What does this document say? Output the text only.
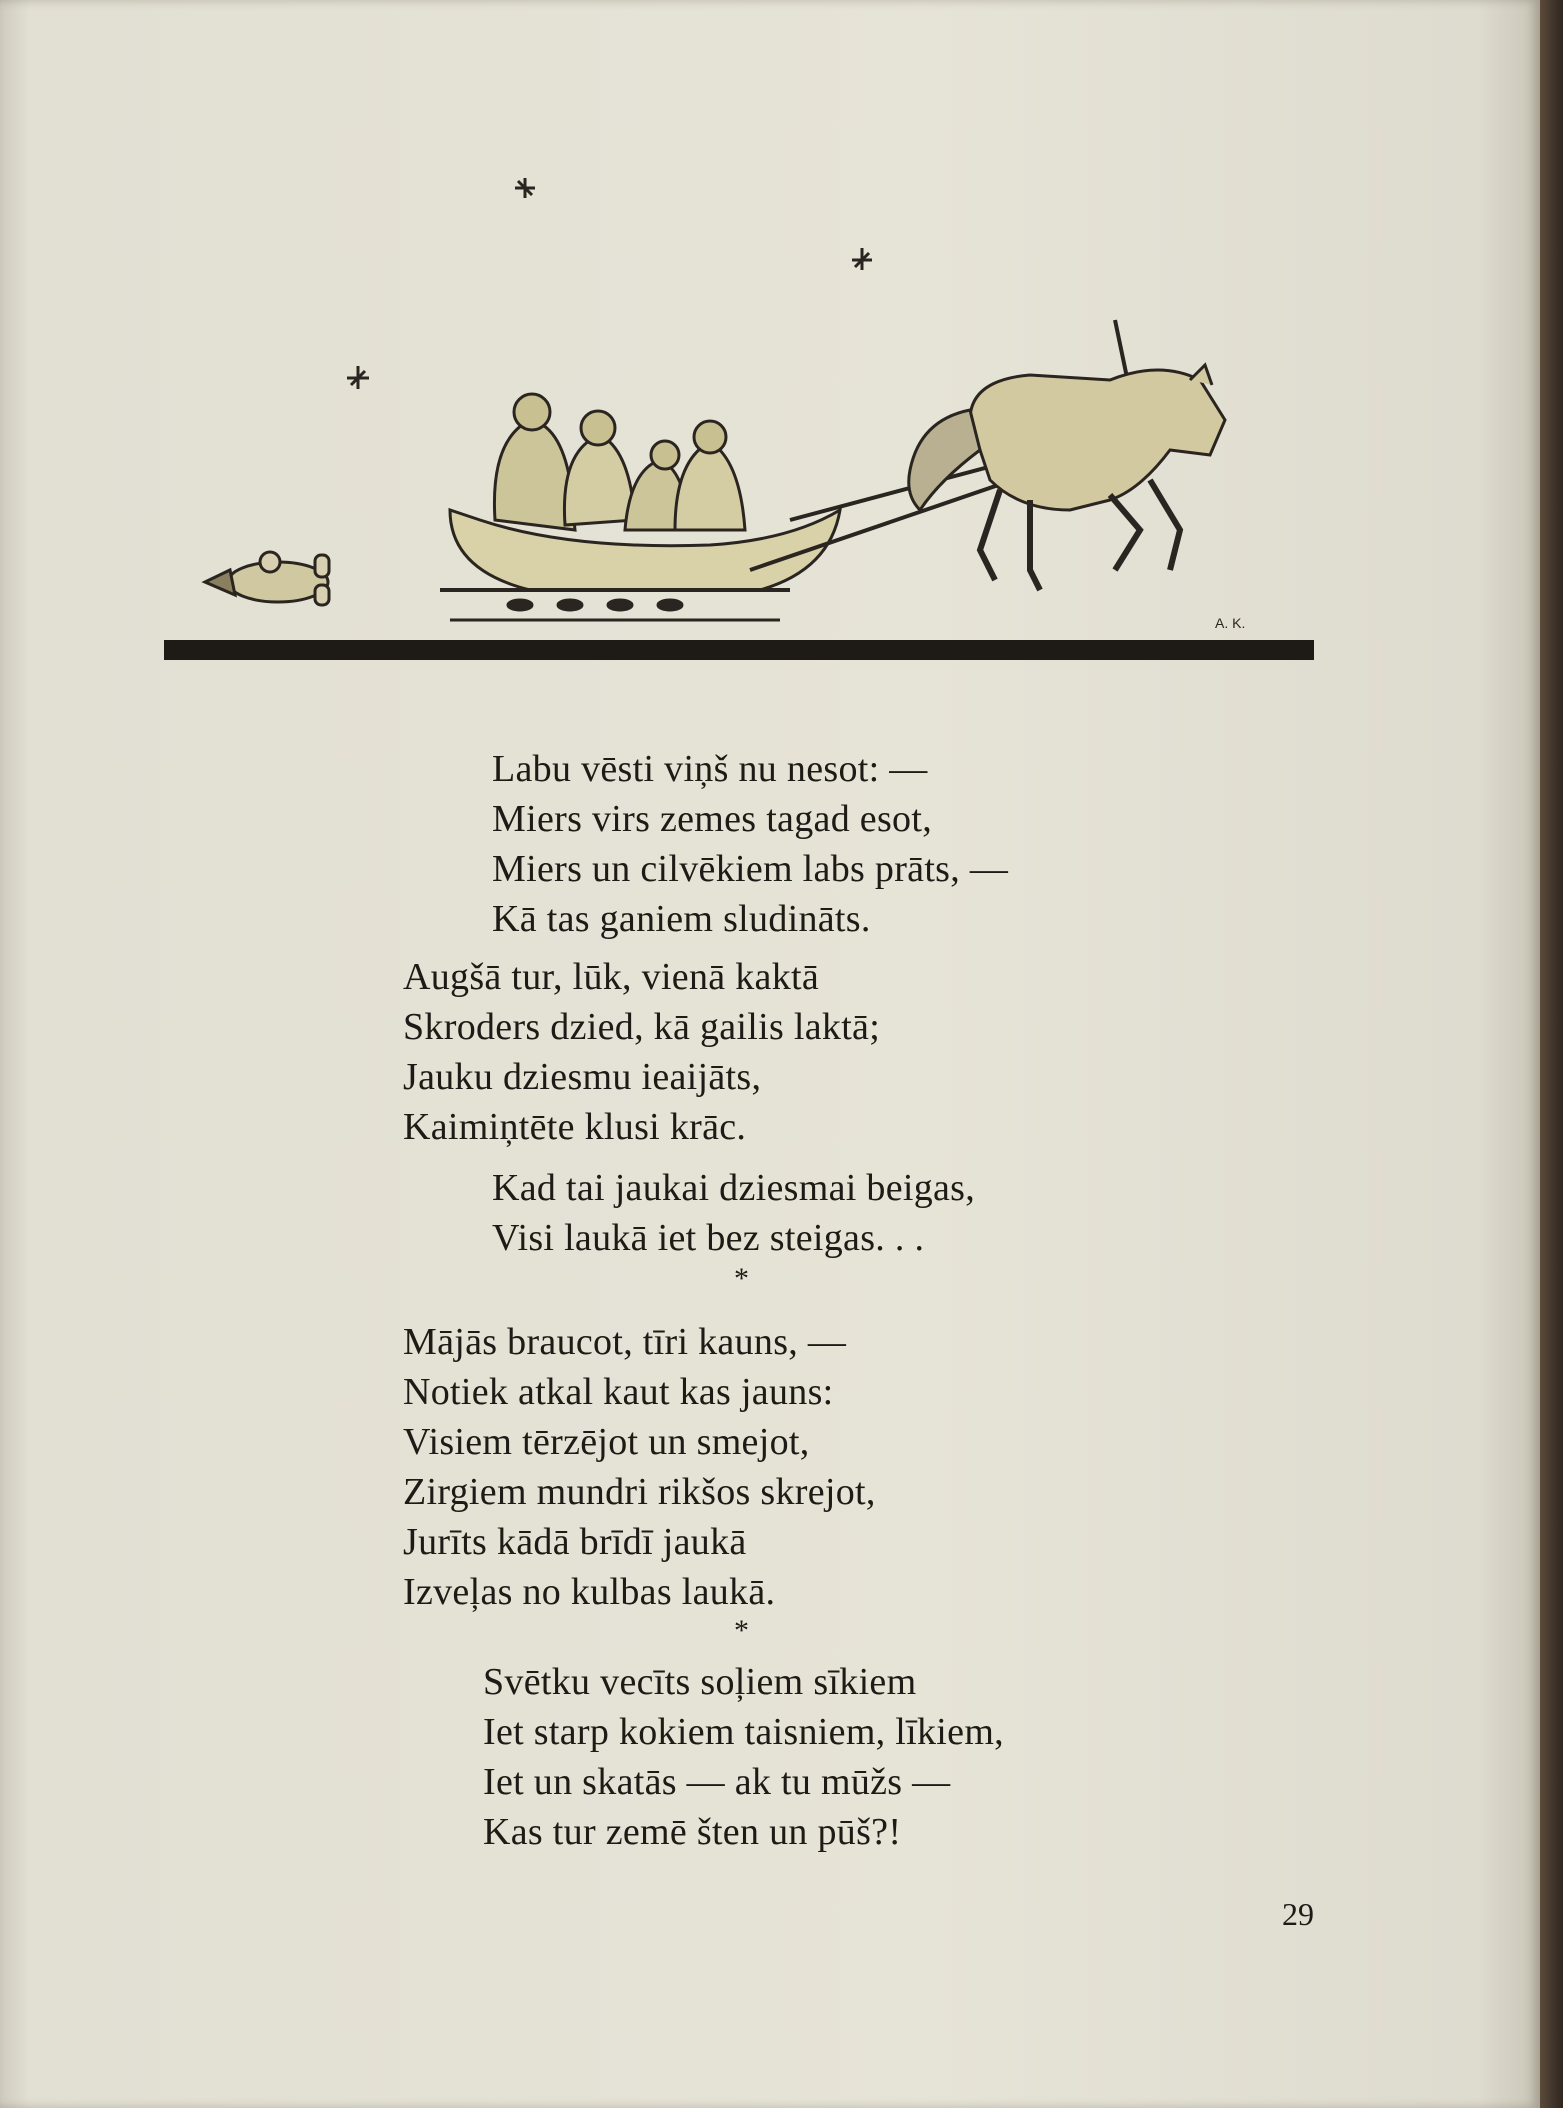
A. K.
Labu vēsti viņš nu nesot: —
Miers virs zemes tagad esot,
Miers un cilvēkiem labs prāts, —
Kā tas ganiem sludināts.
Augšā tur, lūk, vienā kaktā
Skroders dzied, kā gailis laktā;
Jauku dziesmu ieaijāts,
Kaimiņtēte klusi krāc.
Kad tai jaukai dziesmai beigas,
Visi laukā iet bez steigas. . .
*
Mājās braucot, tīri kauns, —
Notiek atkal kaut kas jauns:
Visiem tērzējot un smejot,
Zirgiem mundri rikšos skrejot,
Jurīts kādā brīdī jaukā
Izveļas no kulbas laukā.
*
Svētku vecīts soļiem sīkiem
Iet starp kokiem taisniem, līkiem,
Iet un skatās — ak tu mūžs —
Kas tur zemē šten un pūš?!
29
